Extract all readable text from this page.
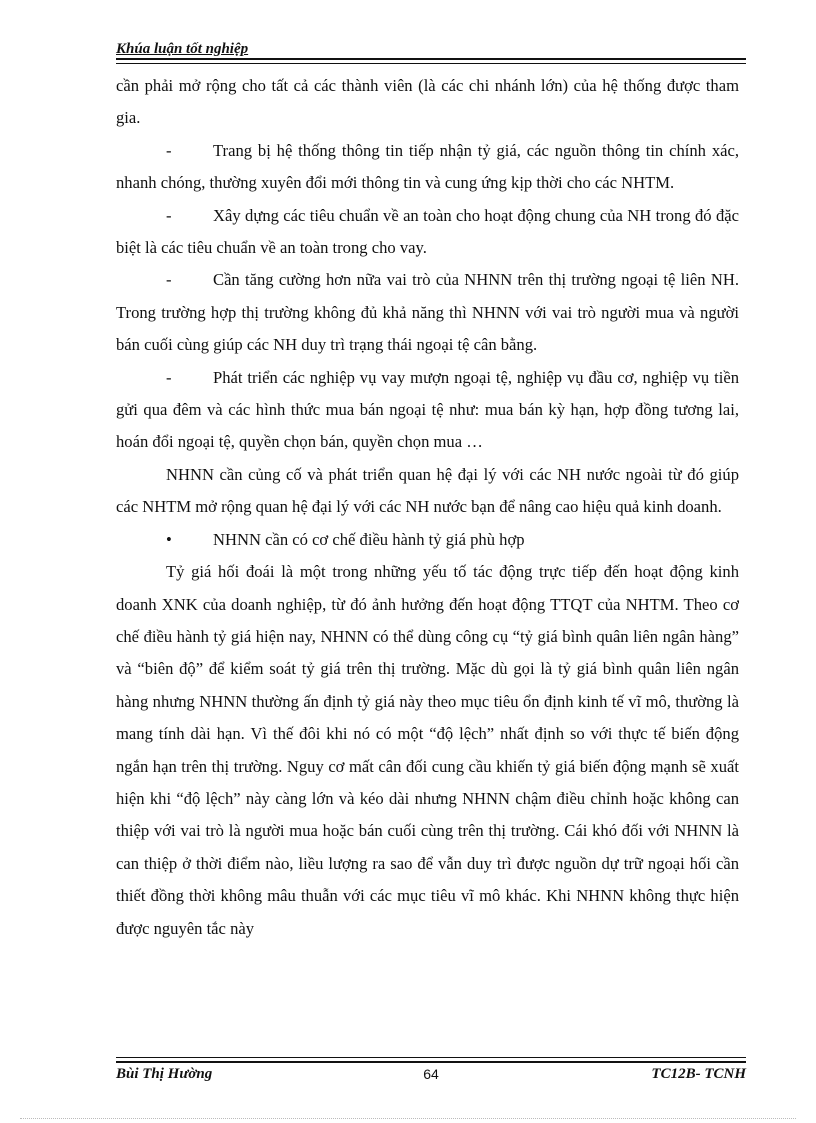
Khúa luận tốt nghiệp

cần phải mở rộng cho tất cả các thành viên (là các chi nhánh lớn) của hệ thống được tham gia.

- Trang bị hệ thống thông tin tiếp nhận tỷ giá, các nguồn thông tin chính xác, nhanh chóng, thường xuyên đổi mới thông tin và cung ứng kịp thời cho các NHTM.

- Xây dựng các tiêu chuẩn về an toàn cho hoạt động chung của NH trong đó đặc biệt là các tiêu chuẩn về an toàn trong cho vay.

- Cần tăng cường hơn nữa vai trò của NHNN trên thị trường ngoại tệ liên NH. Trong trường hợp thị trường không đủ khả năng thì NHNN với vai trò người mua và người bán cuối cùng giúp các NH duy trì trạng thái ngoại tệ cân bằng.

- Phát triển các nghiệp vụ vay mượn ngoại tệ, nghiệp vụ đầu cơ, nghiệp vụ tiền gửi qua đêm và các hình thức mua bán ngoại tệ như: mua bán kỳ hạn, hợp đồng tương lai, hoán đổi ngoại tệ, quyền chọn bán, quyền chọn mua …

NHNN cần củng cố và phát triển quan hệ đại lý với các NH nước ngoài từ đó giúp các NHTM mở rộng quan hệ đại lý với các NH nước bạn để nâng cao hiệu quả kinh doanh.

• NHNN cần có cơ chế điều hành tỷ giá phù hợp

Tỷ giá hối đoái là một trong những yếu tố tác động trực tiếp đến hoạt động kinh doanh XNK của doanh nghiệp, từ đó ảnh hưởng đến hoạt động TTQT của NHTM. Theo cơ chế điều hành tỷ giá hiện nay, NHNN có thể dùng công cụ “tỷ giá bình quân liên ngân hàng” và “biên độ” để kiểm soát tỷ giá trên thị trường. Mặc dù gọi là tỷ giá bình quân liên ngân hàng nhưng NHNN thường ấn định tỷ giá này theo mục tiêu ổn định kinh tế vĩ mô, thường là mang tính dài hạn. Vì thế đôi khi nó có một “độ lệch” nhất định so với thực tế biến động ngắn hạn trên thị trường. Nguy cơ mất cân đối cung cầu khiến tỷ giá biến động mạnh sẽ xuất hiện khi “độ lệch” này càng lớn và kéo dài nhưng NHNN chậm điều chỉnh hoặc không can thiệp với vai trò là người mua hoặc bán cuối cùng trên thị trường. Cái khó đối với NHNN là can thiệp ở thời điểm nào, liều lượng ra sao để vẫn duy trì được nguồn dự trữ ngoại hối cần thiết đồng thời không mâu thuẫn với các mục tiêu vĩ mô khác. Khi NHNN không thực hiện được nguyên tắc này

Bùi Thị Hường	64	TC12B- TCNH
